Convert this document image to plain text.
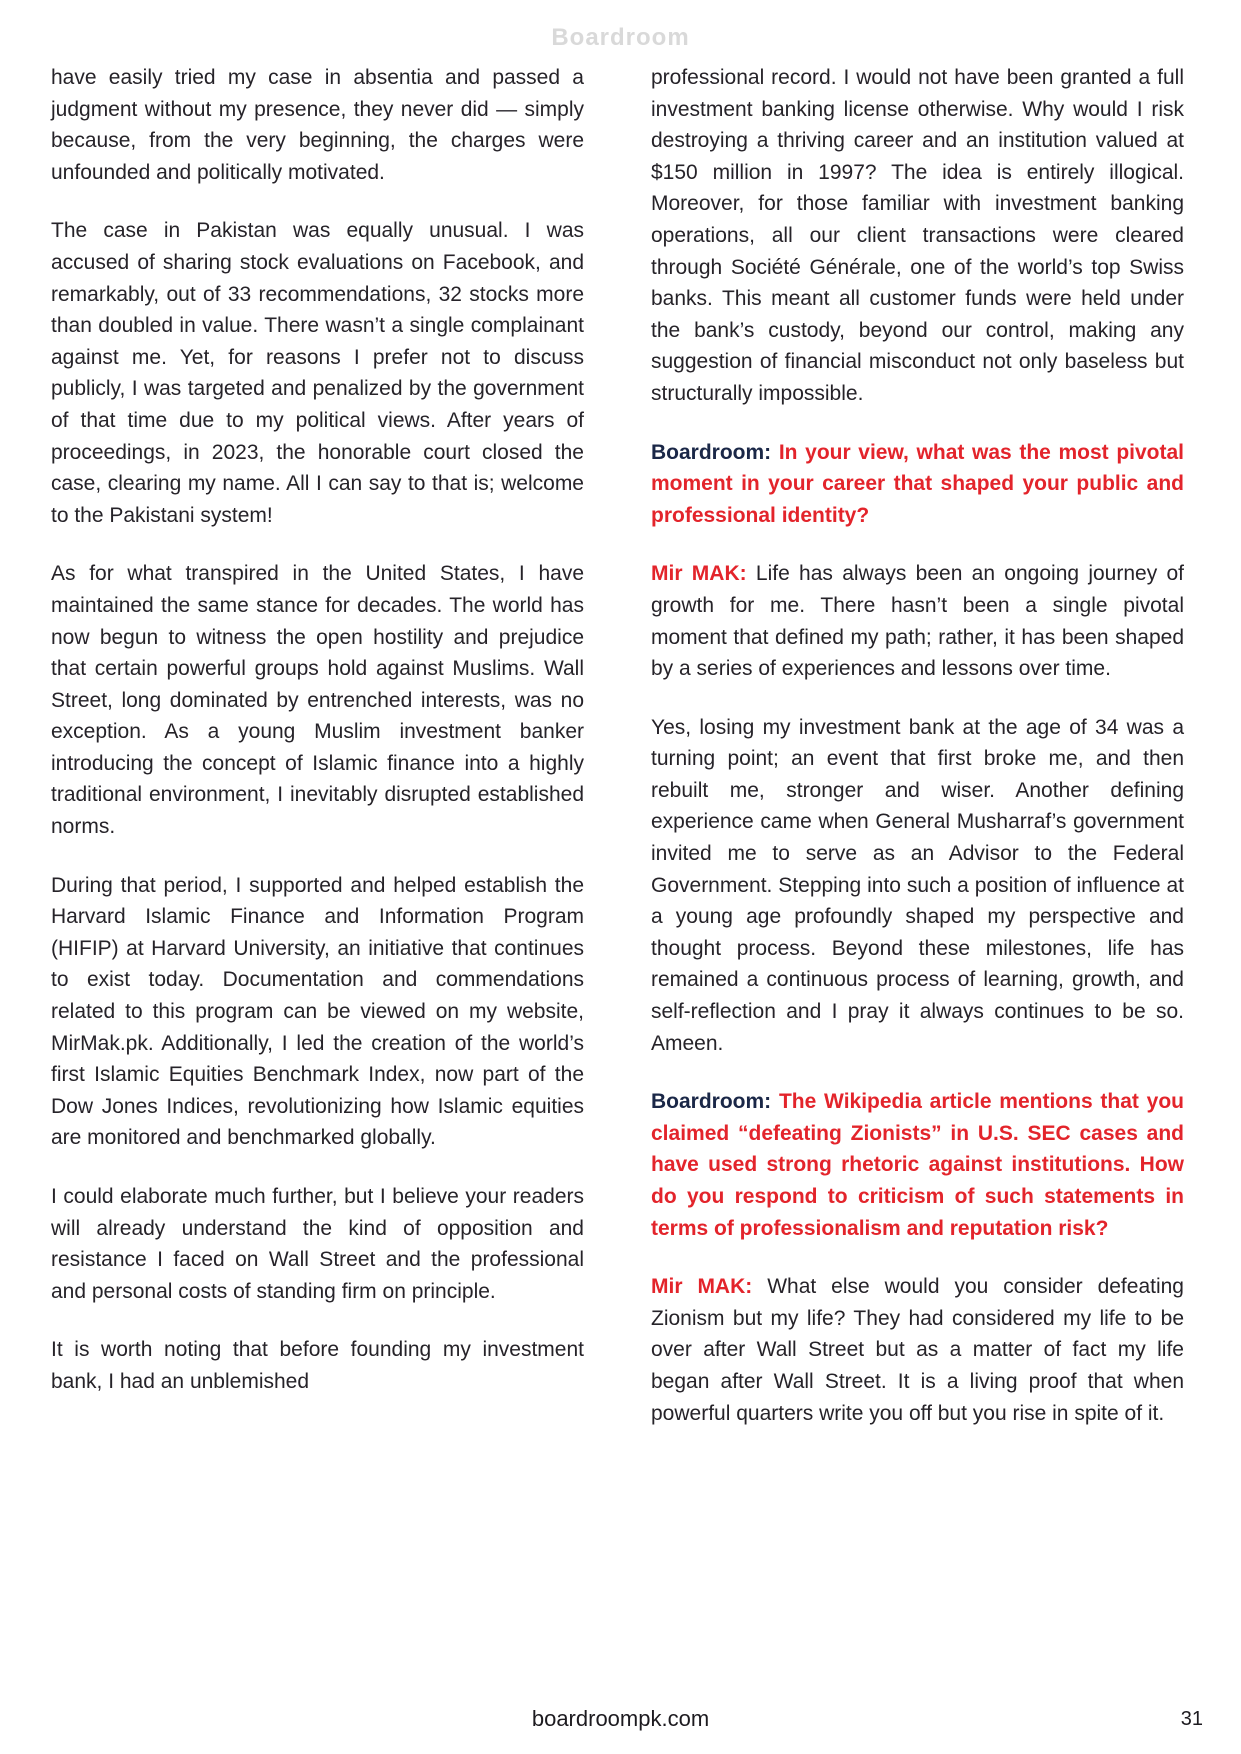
Boardroom

have easily tried my case in absentia and passed a judgment without my presence, they never did — simply because, from the very beginning, the charges were unfounded and politically motivated.

The case in Pakistan was equally unusual. I was accused of sharing stock evaluations on Facebook, and remarkably, out of 33 recommendations, 32 stocks more than doubled in value. There wasn’t a single complainant against me. Yet, for reasons I prefer not to discuss publicly, I was targeted and penalized by the government of that time due to my political views. After years of proceedings, in 2023, the honorable court closed the case, clearing my name. All I can say to that is; welcome to the Pakistani system!

As for what transpired in the United States, I have maintained the same stance for decades. The world has now begun to witness the open hostility and prejudice that certain powerful groups hold against Muslims. Wall Street, long dominated by entrenched interests, was no exception. As a young Muslim investment banker introducing the concept of Islamic finance into a highly traditional environment, I inevitably disrupted established norms.

During that period, I supported and helped establish the Harvard Islamic Finance and Information Program (HIFIP) at Harvard University, an initiative that continues to exist today. Documentation and commendations related to this program can be viewed on my website, MirMak.pk. Additionally, I led the creation of the world’s first Islamic Equities Benchmark Index, now part of the Dow Jones Indices, revolutionizing how Islamic equities are monitored and benchmarked globally.

I could elaborate much further, but I believe your readers will already understand the kind of opposition and resistance I faced on Wall Street and the professional and personal costs of standing firm on principle.

It is worth noting that before founding my investment bank, I had an unblemished

professional record. I would not have been granted a full investment banking license otherwise. Why would I risk destroying a thriving career and an institution valued at $150 million in 1997? The idea is entirely illogical. Moreover, for those familiar with investment banking operations, all our client transactions were cleared through Société Générale, one of the world’s top Swiss banks. This meant all customer funds were held under the bank’s custody, beyond our control, making any suggestion of financial misconduct not only baseless but structurally impossible.

Boardroom: In your view, what was the most pivotal moment in your career that shaped your public and professional identity?

Mir MAK: Life has always been an ongoing journey of growth for me. There hasn’t been a single pivotal moment that defined my path; rather, it has been shaped by a series of experiences and lessons over time.

Yes, losing my investment bank at the age of 34 was a turning point; an event that first broke me, and then rebuilt me, stronger and wiser. Another defining experience came when General Musharraf’s government invited me to serve as an Advisor to the Federal Government. Stepping into such a position of influence at a young age profoundly shaped my perspective and thought process. Beyond these milestones, life has remained a continuous process of learning, growth, and self-reflection and I pray it always continues to be so. Ameen.

Boardroom: The Wikipedia article mentions that you claimed “defeating Zionists” in U.S. SEC cases and have used strong rhetoric against institutions. How do you respond to criticism of such statements in terms of professionalism and reputation risk?

Mir MAK: What else would you consider defeating Zionism but my life? They had considered my life to be over after Wall Street but as a matter of fact my life began after Wall Street. It is a living proof that when powerful quarters write you off but you rise in spite of it.

boardroompk.com	31
